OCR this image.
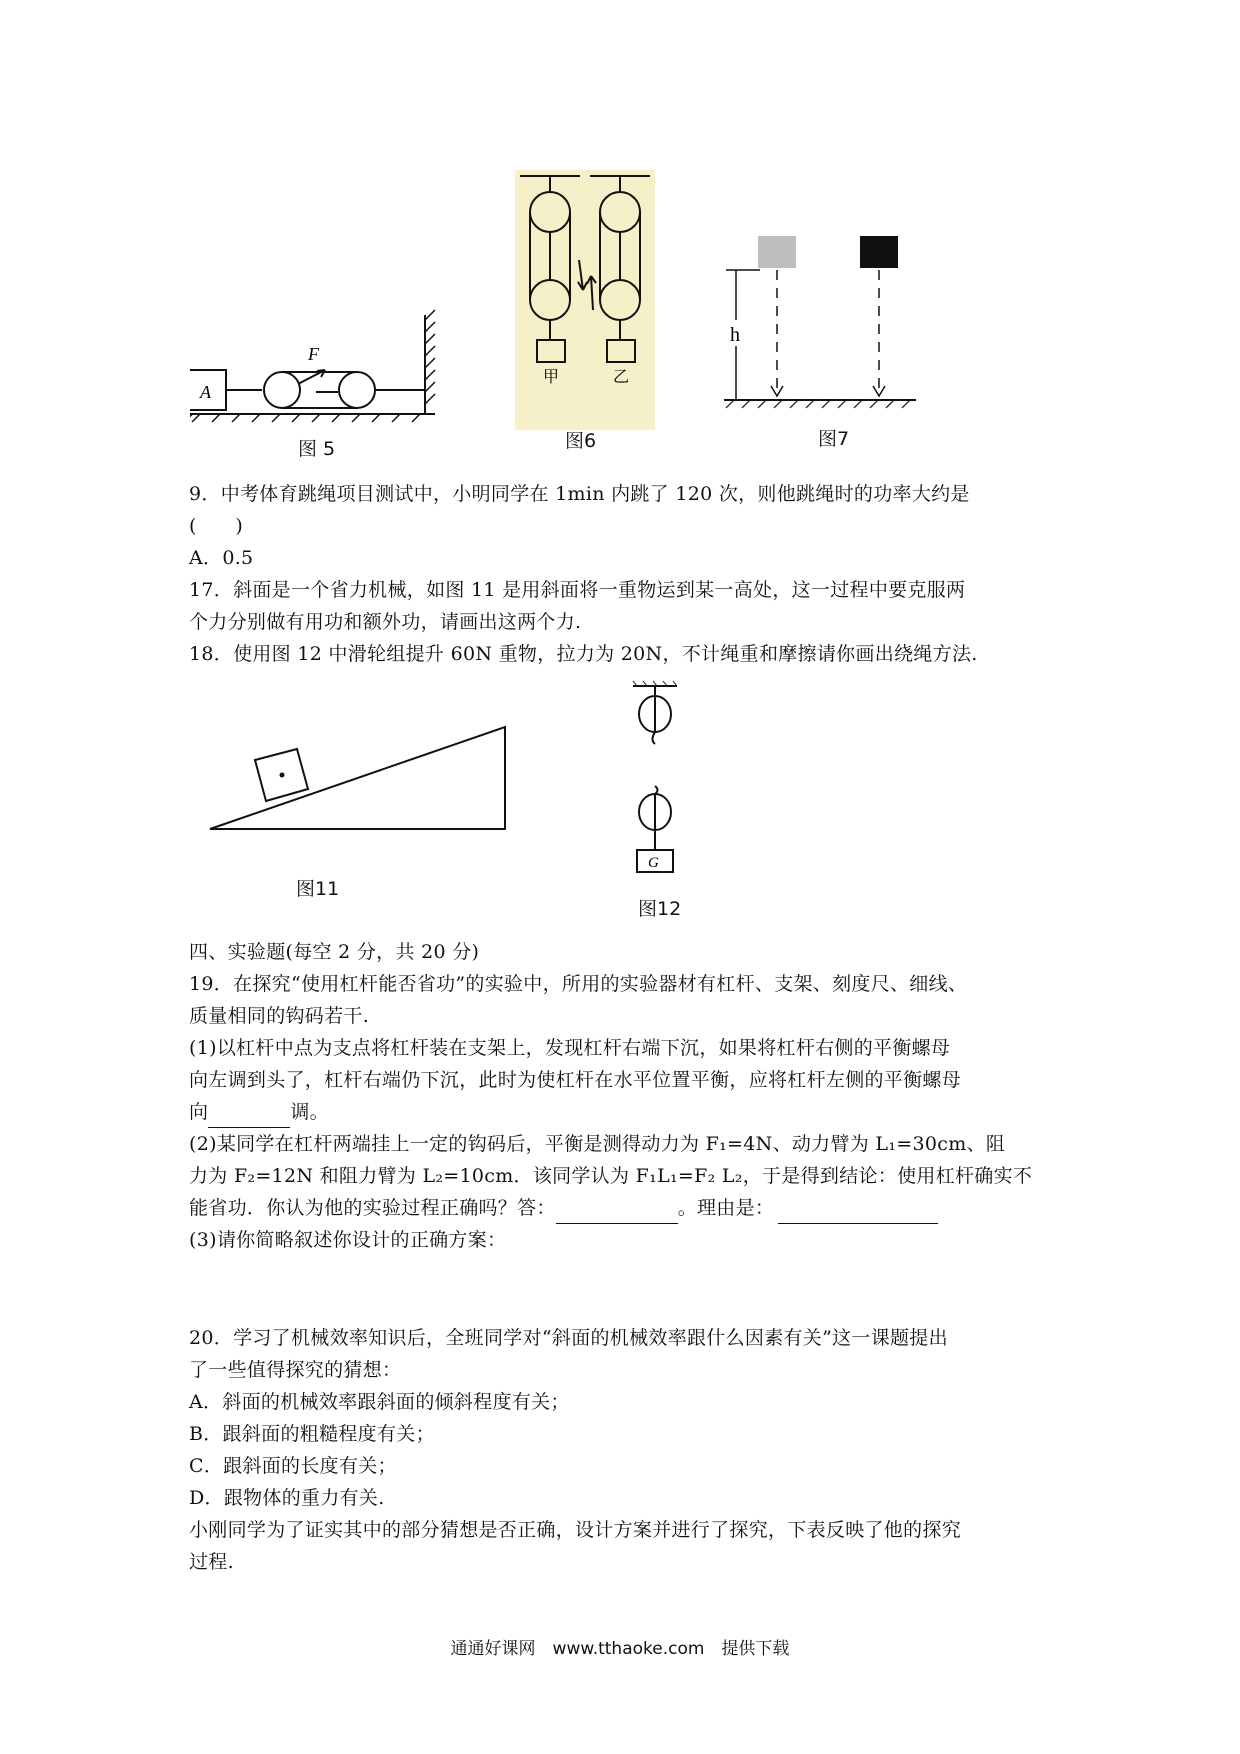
A
F
图 5
甲	乙
图6
h
图7
9．中考体育跳绳项目测试中，小明同学在 1min 内跳了 120 次，则他跳绳时的功率大约是
(　　)
A．0.5
17．斜面是一个省力机械，如图 11 是用斜面将一重物运到某一高处，这一过程中要克服两
个力分别做有用功和额外功，请画出这两个力.
18．使用图 12 中滑轮组提升 60N 重物，拉力为 20N，不计绳重和摩擦请你画出绕绳方法.
图11
G
图12
四、实验题(每空 2 分，共 20 分)
19．在探究“使用杠杆能否省功”的实验中，所用的实验器材有杠杆、支架、刻度尺、细线、
质量相同的钩码若干.
(1)以杠杆中点为支点将杠杆装在支架上，发现杠杆右端下沉，如果将杠杆右侧的平衡螺母
向左调到头了，杠杆右端仍下沉，此时为使杠杆在水平位置平衡，应将杠杆左侧的平衡螺母
向	调。
(2)某同学在杠杆两端挂上一定的钩码后，平衡是测得动力为 F₁=4N、动力臂为 L₁=30cm、阻
力为 F₂=12N 和阻力臂为 L₂=10cm．该同学认为 F₁L₁=F₂ L₂，于是得到结论：使用杠杆确实不
能省功．你认为他的实验过程正确吗？答：	。理由是：
(3)请你简略叙述你设计的正确方案：
20．学习了机械效率知识后，全班同学对“斜面的机械效率跟什么因素有关”这一课题提出
了一些值得探究的猜想：
A．斜面的机械效率跟斜面的倾斜程度有关；
B．跟斜面的粗糙程度有关；
C．跟斜面的长度有关；
D．跟物体的重力有关.
小刚同学为了证实其中的部分猜想是否正确，设计方案并进行了探究，下表反映了他的探究
过程.
通通好课网　www.tthaoke.com　提供下载
